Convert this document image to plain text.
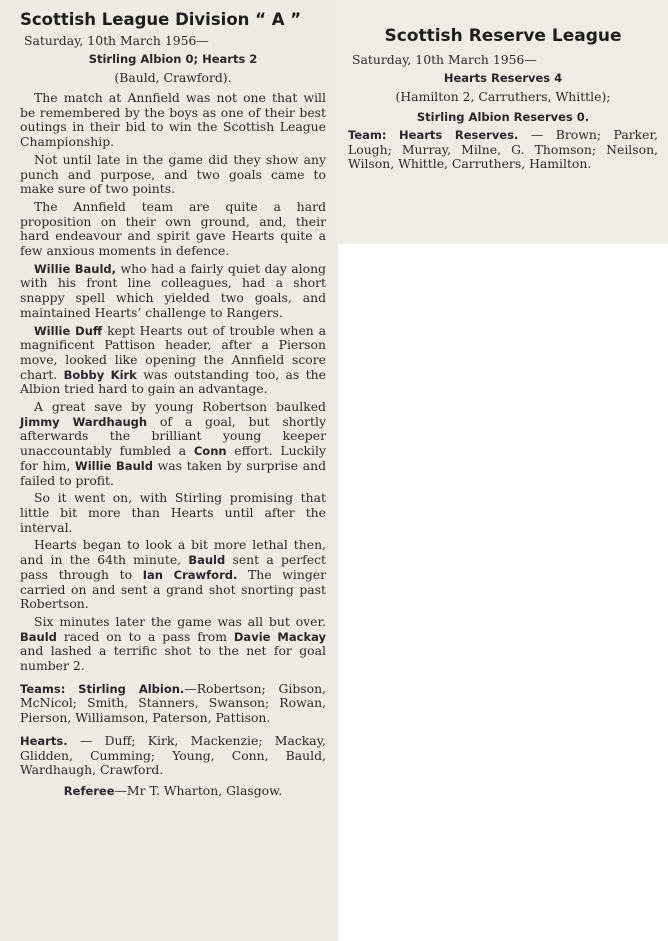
Scottish League Division “ A ”
Saturday, 10th March 1956—
Stirling Albion 0; Hearts 2
(Bauld, Crawford).

The match at Annfield was not one that will be remembered by the boys as one of their best outings in their bid to win the Scottish League Championship.

Not until late in the game did they show any punch and purpose, and two goals came to make sure of two points.

The Annfield team are quite a hard proposition on their own ground, and, their hard endeavour and spirit gave Hearts quite a few anxious moments in defence.

Willie Bauld, who had a fairly quiet day along with his front line colleagues, had a short snappy spell which yielded two goals, and maintained Hearts’ challenge to Rangers.

Willie Duff kept Hearts out of trouble when a magnificent Pattison header, after a Pierson move, looked like opening the Annfield score chart. Bobby Kirk was outstanding too, as the Albion tried hard to gain an advantage.

A great save by young Robertson baulked Jimmy Wardhaugh of a goal, but shortly afterwards the brilliant young keeper unaccountably fumbled a Conn effort. Luckily for him, Willie Bauld was taken by surprise and failed to profit.

So it went on, with Stirling promising that little bit more than Hearts until after the interval.

Hearts began to look a bit more lethal then, and in the 64th minute, Bauld sent a perfect pass through to Ian Crawford. The winger carried on and sent a grand shot snorting past Robertson.

Six minutes later the game was all but over. Bauld raced on to a pass from Davie Mackay and lashed a terrific shot to the net for goal number 2.

Teams: Stirling Albion.—Robertson; Gibson, McNicol; Smith, Stanners, Swanson; Rowan, Pierson, Williamson, Paterson, Pattison.

Hearts. — Duff; Kirk, Mackenzie; Mackay, Glidden, Cumming; Young, Conn, Bauld, Wardhaugh, Crawford.

Referee—Mr T. Wharton, Glasgow.

Scottish Reserve League
Saturday, 10th March 1956—
Hearts Reserves 4
(Hamilton 2, Carruthers, Whittle);
Stirling Albion Reserves 0.

Team: Hearts Reserves. — Brown; Parker, Lough; Murray, Milne, G. Thomson; Neilson, Wilson, Whittle, Carruthers, Hamilton.
